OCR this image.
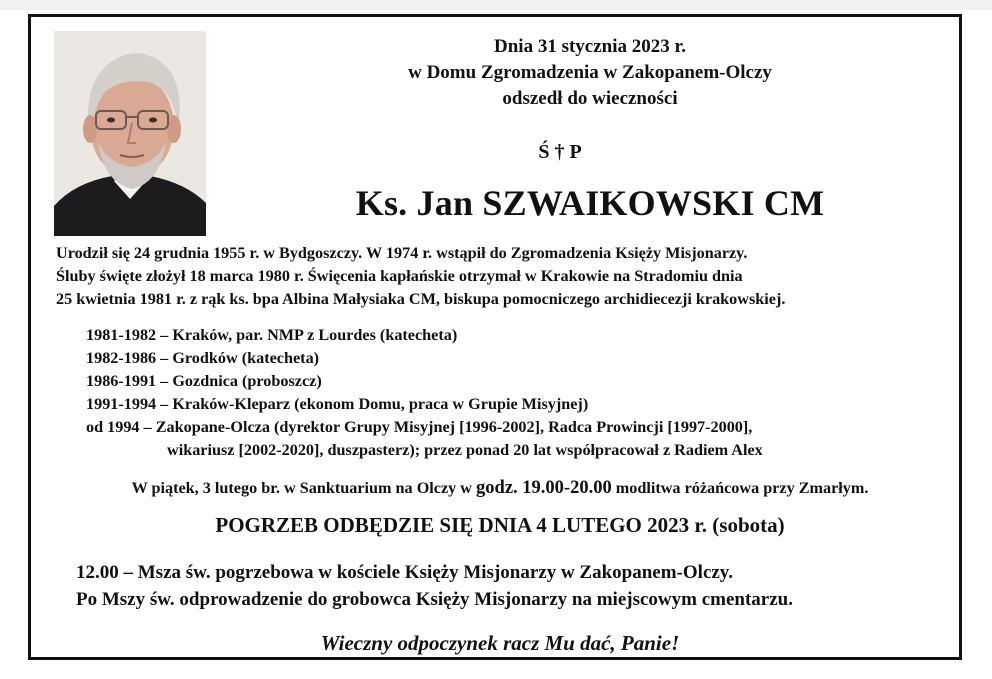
Dnia 31 stycznia 2023 r.
w Domu Zgromadzenia w Zakopanem-Olczy
odszedł do wieczności
Ś † P
Ks. Jan SZWAIKOWSKI CM
Urodził się 24 grudnia 1955 r. w Bydgoszczy. W 1974 r. wstąpił do Zgromadzenia Księży Misjonarzy.
Śluby święte złożył 18 marca 1980 r. Święcenia kapłańskie otrzymał w Krakowie na Stradomiu dnia
25 kwietnia 1981 r. z rąk ks. bpa Albina Małysiaka CM, biskupa pomocniczego archidiecezji krakowskiej.
1981-1982 – Kraków, par. NMP z Lourdes (katecheta)
1982-1986 – Grodków (katecheta)
1986-1991 – Gozdnica (proboszcz)
1991-1994 – Kraków-Kleparz (ekonom Domu, praca w Grupie Misyjnej)
od 1994 – Zakopane-Olcza (dyrektor Grupy Misyjnej [1996-2002], Radca Prowincji [1997-2000],
wikariusz [2002-2020], duszpasterz); przez ponad 20 lat współpracował z Radiem Alex
W piątek, 3 lutego br. w Sanktuarium na Olczy w godz. 19.00-20.00 modlitwa różańcowa przy Zmarłym.
POGRZEB ODBĘDZIE SIĘ DNIA 4 LUTEGO 2023 r. (sobota)
12.00 – Msza św. pogrzebowa w kościele Księży Misjonarzy w Zakopanem-Olczy.
Po Mszy św. odprowadzenie do grobowca Księży Misjonarzy na miejscowym cmentarzu.
Wieczny odpoczynek racz Mu dać, Panie!
